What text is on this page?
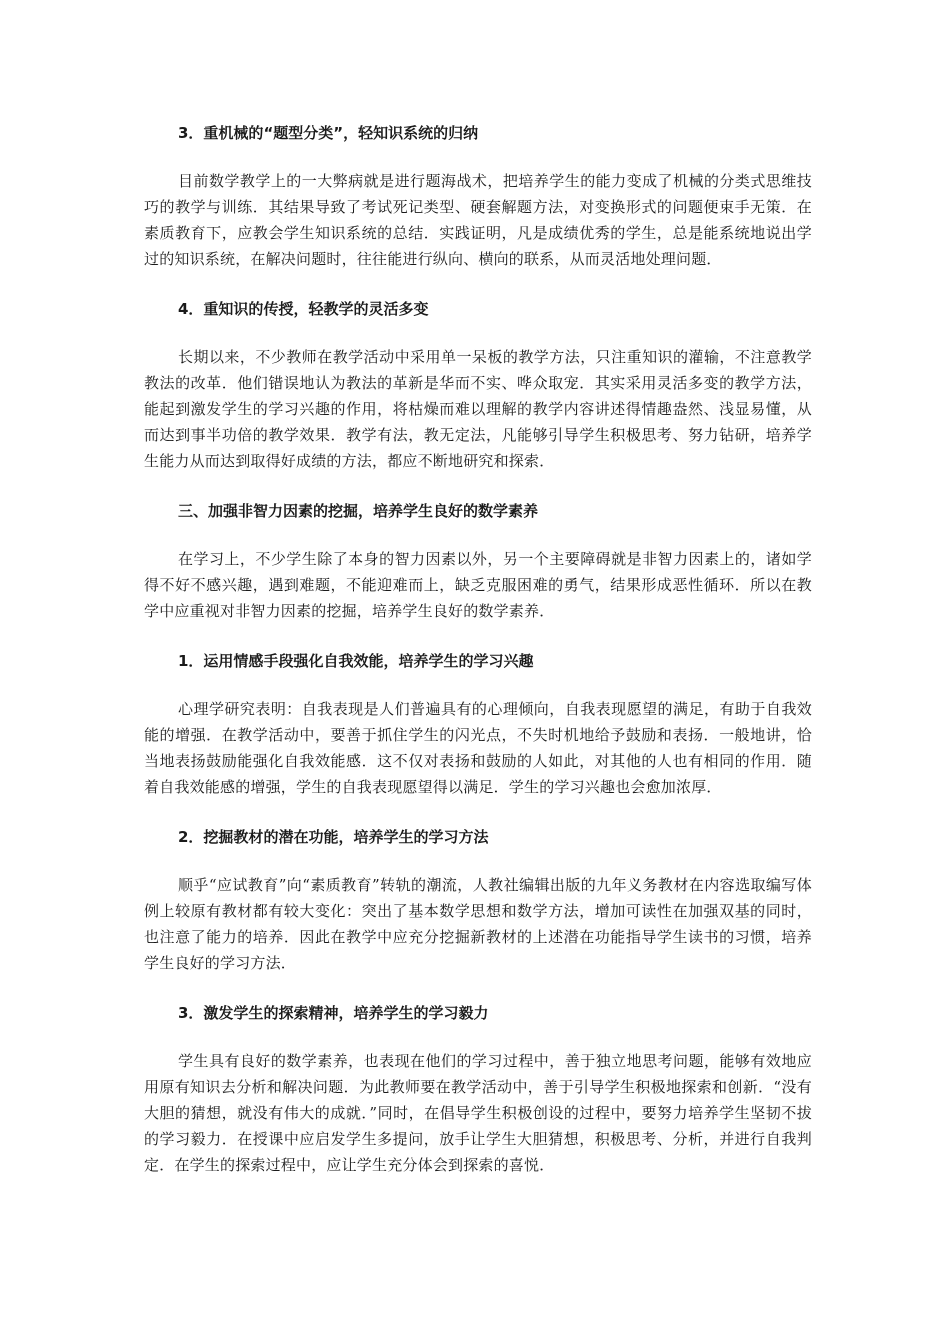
3．重机械的“题型分类”，轻知识系统的归纳

目前数学教学上的一大弊病就是进行题海战术，把培养学生的能力变成了机械的分类式思维技巧的教学与训练．其结果导致了考试死记类型、硬套解题方法，对变换形式的问题便束手无策．在素质教育下，应教会学生知识系统的总结．实践证明，凡是成绩优秀的学生，总是能系统地说出学过的知识系统，在解决问题时，往往能进行纵向、横向的联系，从而灵活地处理问题．

4．重知识的传授，轻教学的灵活多变

长期以来，不少教师在教学活动中采用单一呆板的教学方法，只注重知识的灌输，不注意教学教法的改革．他们错误地认为教法的革新是华而不实、哗众取宠．其实采用灵活多变的教学方法，能起到激发学生的学习兴趣的作用，将枯燥而难以理解的教学内容讲述得情趣盎然、浅显易懂，从而达到事半功倍的教学效果．教学有法，教无定法，凡能够引导学生积极思考、努力钻研，培养学生能力从而达到取得好成绩的方法，都应不断地研究和探索．

三、加强非智力因素的挖掘，培养学生良好的数学素养

在学习上，不少学生除了本身的智力因素以外，另一个主要障碍就是非智力因素上的，诸如学得不好不感兴趣，遇到难题，不能迎难而上，缺乏克服困难的勇气，结果形成恶性循环．所以在教学中应重视对非智力因素的挖掘，培养学生良好的数学素养．

1．运用情感手段强化自我效能，培养学生的学习兴趣

心理学研究表明：自我表现是人们普遍具有的心理倾向，自我表现愿望的满足，有助于自我效能的增强．在教学活动中，要善于抓住学生的闪光点，不失时机地给予鼓励和表扬．一般地讲，恰当地表扬鼓励能强化自我效能感．这不仅对表扬和鼓励的人如此，对其他的人也有相同的作用．随着自我效能感的增强，学生的自我表现愿望得以满足．学生的学习兴趣也会愈加浓厚．

2．挖掘教材的潜在功能，培养学生的学习方法

顺乎“应试教育”向“素质教育”转轨的潮流，人教社编辑出版的九年义务教材在内容选取编写体例上较原有教材都有较大变化：突出了基本数学思想和数学方法，增加可读性在加强双基的同时，也注意了能力的培养．因此在教学中应充分挖掘新教材的上述潜在功能指导学生读书的习惯，培养学生良好的学习方法．

3．激发学生的探索精神，培养学生的学习毅力

学生具有良好的数学素养，也表现在他们的学习过程中，善于独立地思考问题，能够有效地应用原有知识去分析和解决问题．为此教师要在教学活动中，善于引导学生积极地探索和创新．“没有大胆的猜想，就没有伟大的成就．”同时，在倡导学生积极创设的过程中，要努力培养学生坚韧不拔的学习毅力．在授课中应启发学生多提问，放手让学生大胆猜想，积极思考、分析，并进行自我判定．在学生的探索过程中，应让学生充分体会到探索的喜悦．
